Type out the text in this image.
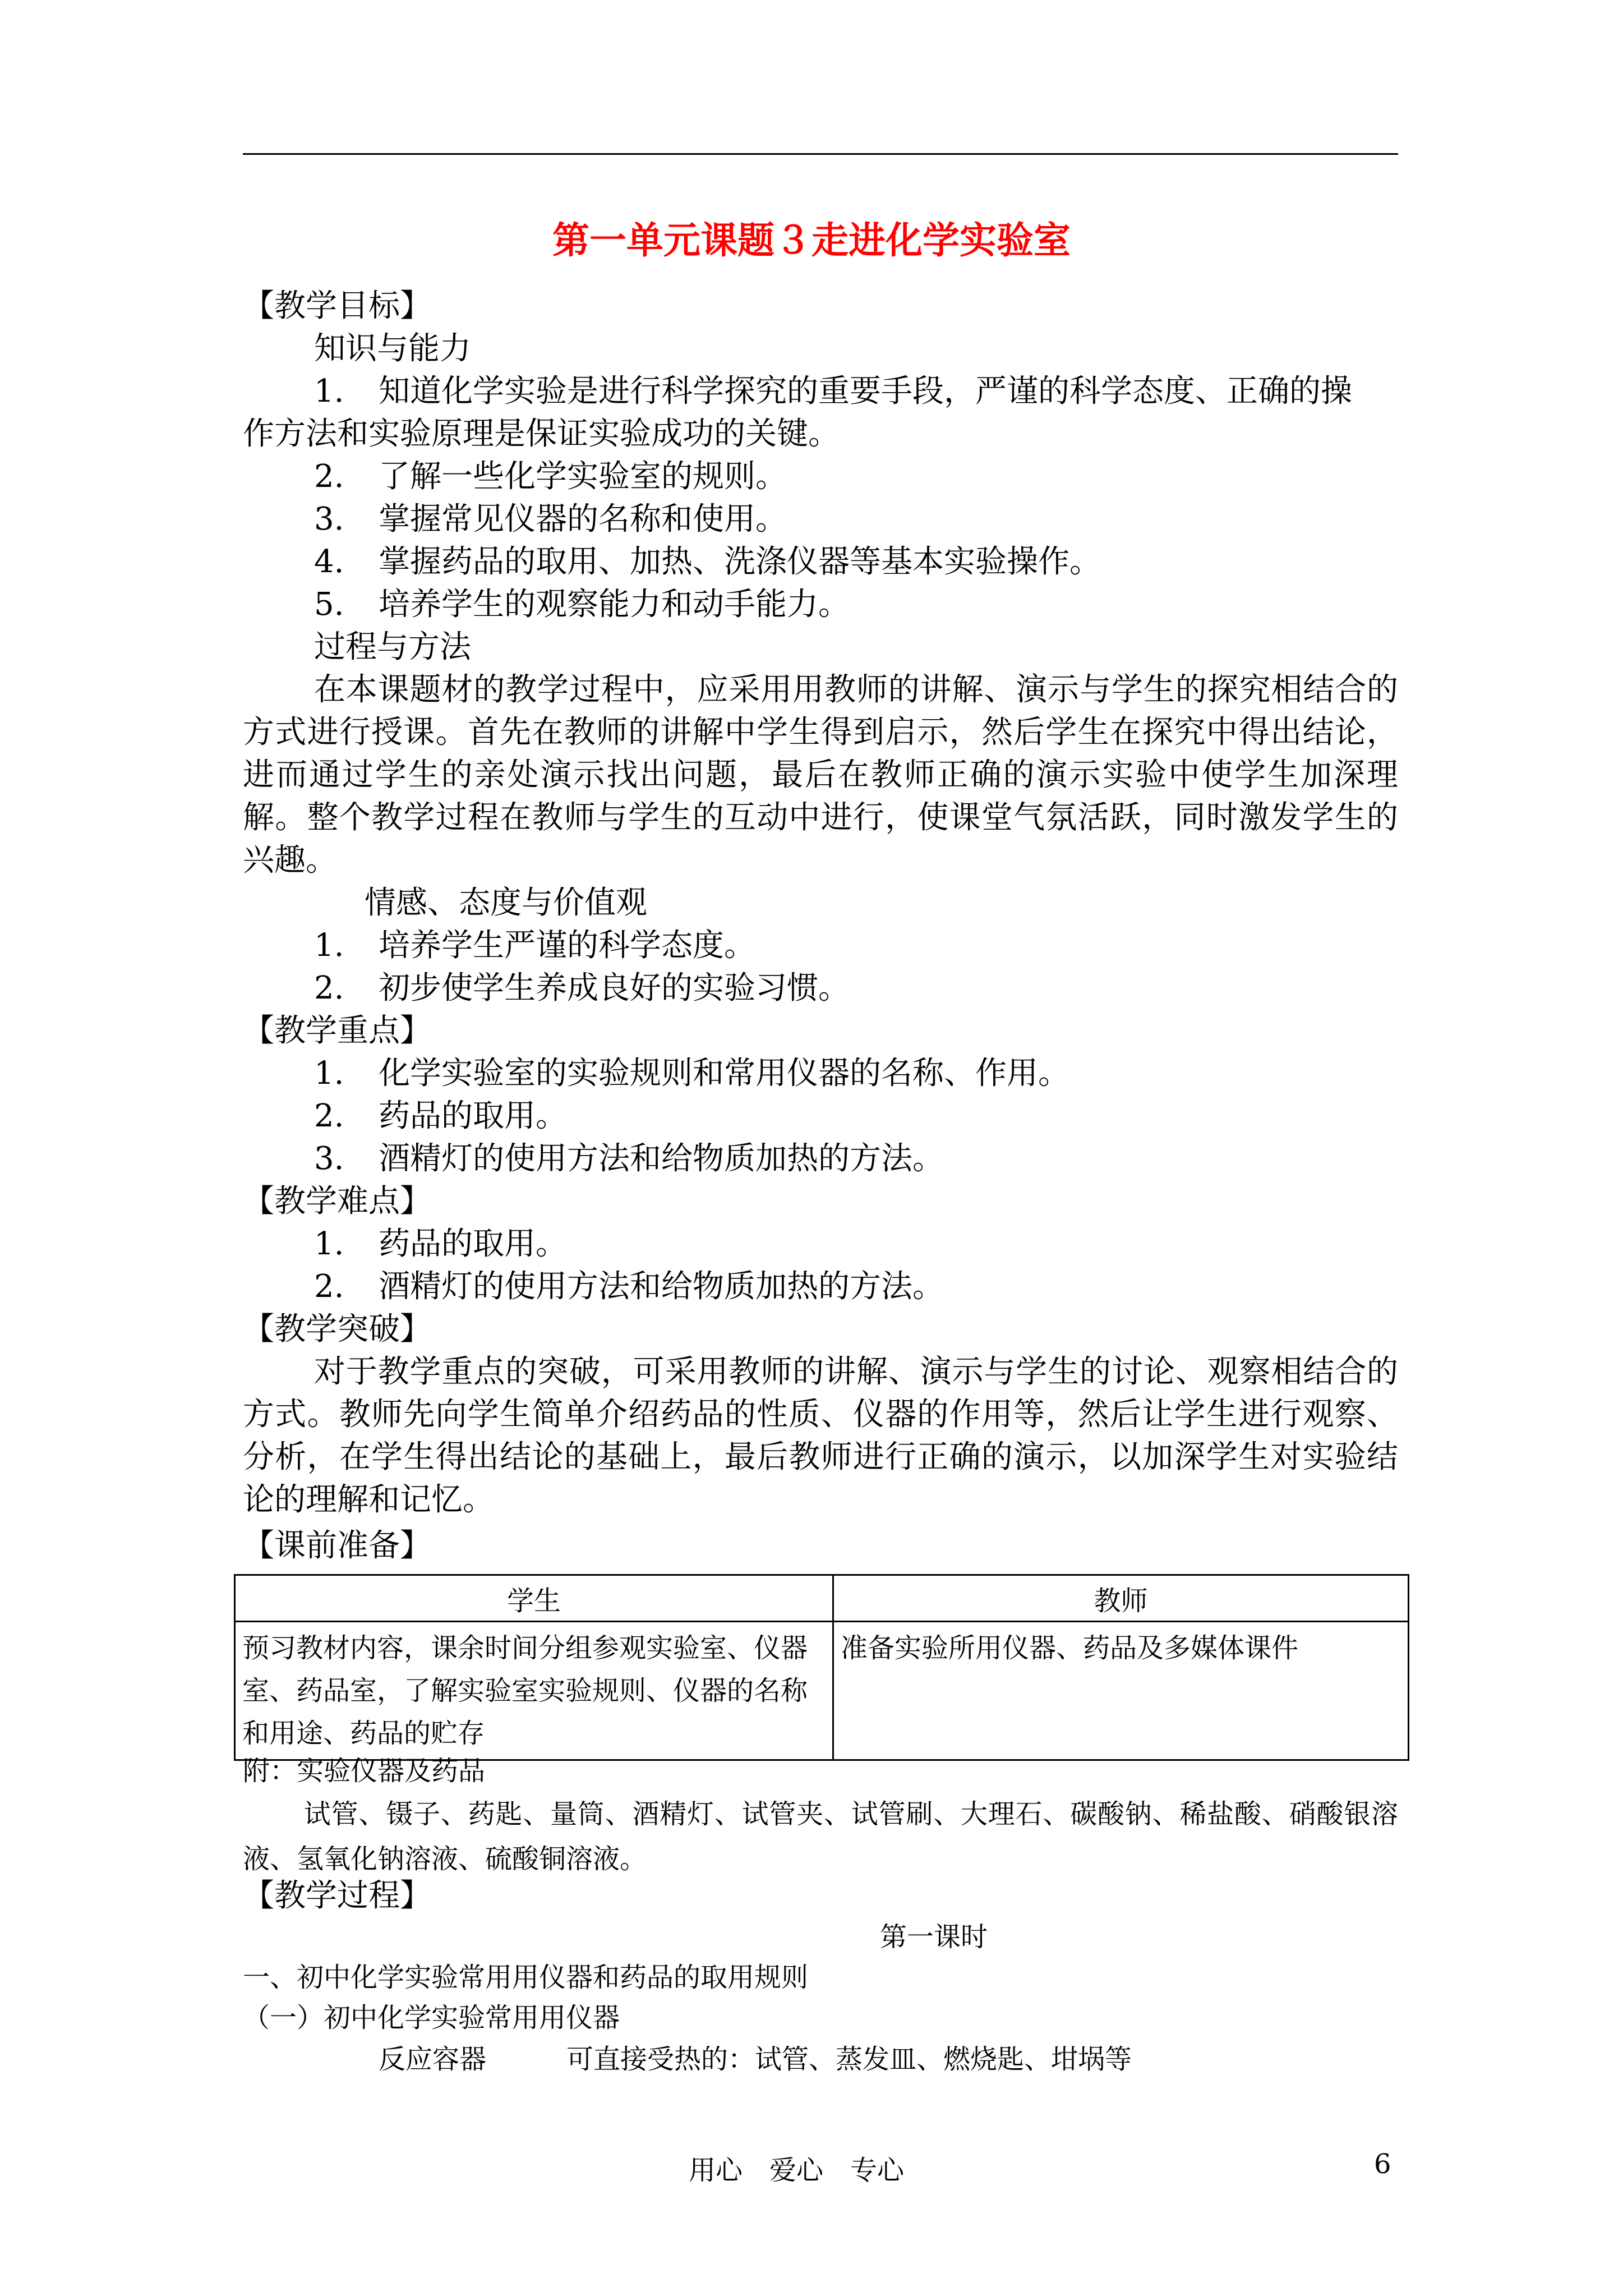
第一单元课题３走进化学实验室
【教学目标】
知识与能力
1. 知道化学实验是进行科学探究的重要手段，严谨的科学态度、正确的操
作方法和实验原理是保证实验成功的关键。
2. 了解一些化学实验室的规则。
3. 掌握常见仪器的名称和使用。
4. 掌握药品的取用、加热、洗涤仪器等基本实验操作。
5. 培养学生的观察能力和动手能力。
过程与方法
在本课题材的教学过程中，应采用用教师的讲解、演示与学生的探究相结合的方式进行授课。首先在教师的讲解中学生得到启示，然后学生在探究中得出结论，进而通过学生的亲处演示找出问题，最后在教师正确的演示实验中使学生加深理解。整个教学过程在教师与学生的互动中进行，使课堂气氛活跃，同时激发学生的兴趣。
情感、态度与价值观
1. 培养学生严谨的科学态度。
2. 初步使学生养成良好的实验习惯。
【教学重点】
1. 化学实验室的实验规则和常用仪器的名称、作用。
2. 药品的取用。
3. 酒精灯的使用方法和给物质加热的方法。
【教学难点】
1. 药品的取用。
2. 酒精灯的使用方法和给物质加热的方法。
【教学突破】
对于教学重点的突破，可采用教师的讲解、演示与学生的讨论、观察相结合的方式。教师先向学生简单介绍药品的性质、仪器的作用等，然后让学生进行观察、分析，在学生得出结论的基础上，最后教师进行正确的演示，以加深学生对实验结论的理解和记忆。
【课前准备】
学生	教师
预习教材内容，课余时间分组参观实验室、仪器室、药品室，了解实验室实验规则、仪器的名称和用途、药品的贮存	准备实验所用仪器、药品及多媒体课件
附：实验仪器及药品
试管、镊子、药匙、量筒、酒精灯、试管夹、试管刷、大理石、碳酸钠、稀盐酸、硝酸银溶液、氢氧化钠溶液、硫酸铜溶液。
【教学过程】
第一课时
一、初中化学实验常用用仪器和药品的取用规则
（一）初中化学实验常用用仪器
反应容器	可直接受热的：试管、蒸发皿、燃烧匙、坩埚等
用心　爱心　专心	6
